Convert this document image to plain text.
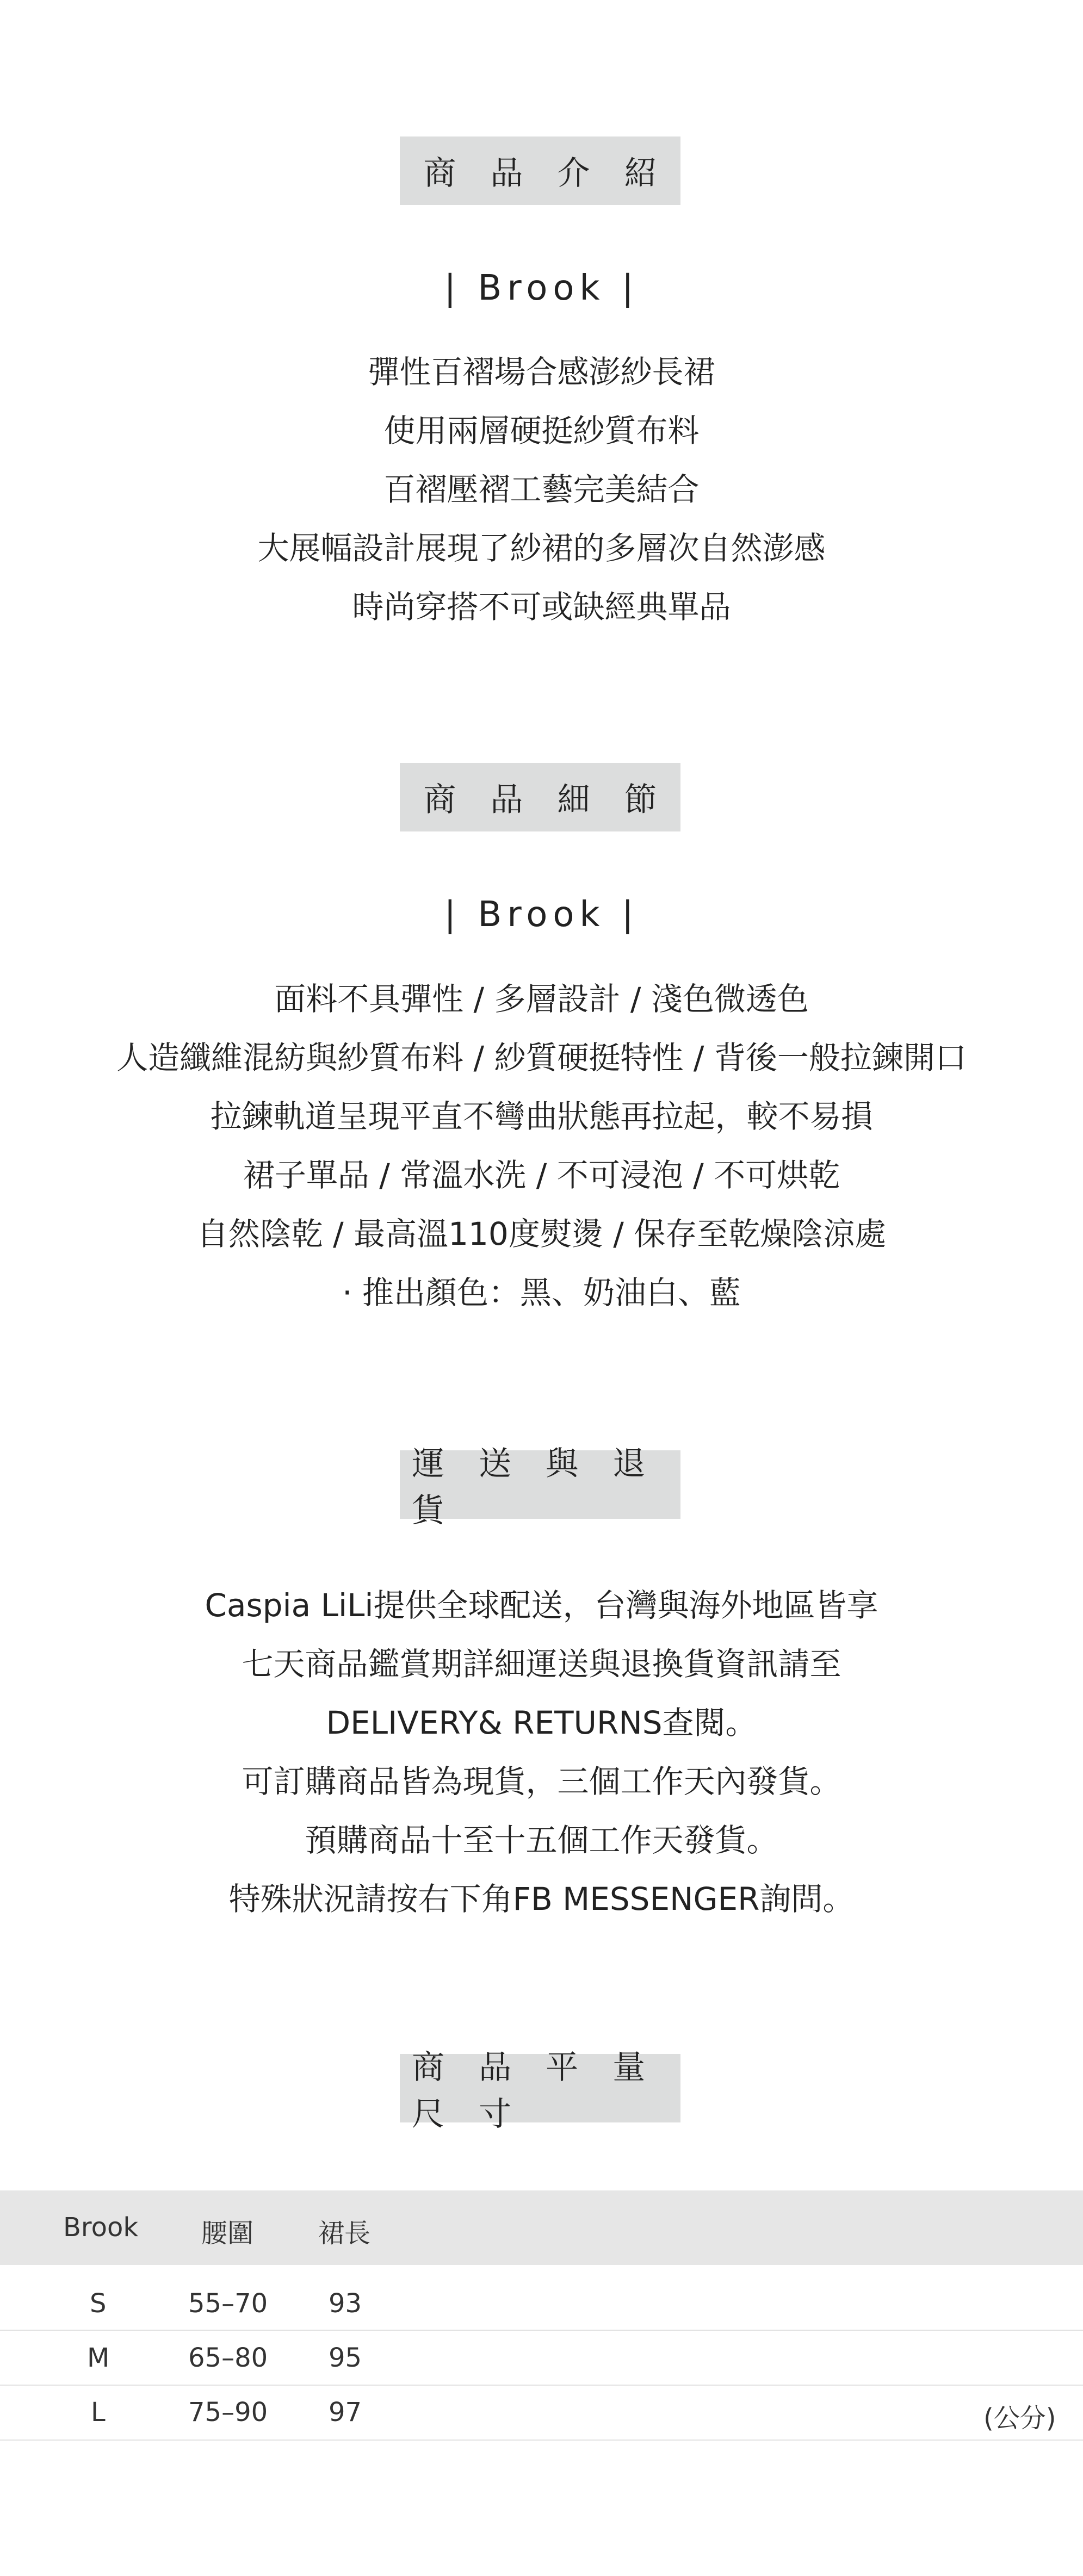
商 品 介 紹
| Brook |
彈性百褶場合感澎紗長裙
使用兩層硬挺紗質布料
百褶壓褶工藝完美結合
大展幅設計展現了紗裙的多層次自然澎感
時尚穿搭不可或缺經典單品
商 品 細 節
| Brook |
面料不具彈性 / 多層設計 / 淺色微透色
人造纖維混紡與紗質布料 / 紗質硬挺特性 / 背後一般拉鍊開口
拉鍊軌道呈現平直不彎曲狀態再拉起，較不易損
裙子單品 / 常溫水洗 / 不可浸泡 / 不可烘乾
自然陰乾 / 最高溫110度熨燙 / 保存至乾燥陰涼處
· 推出顏色：黑、奶油白、藍
運 送 與 退 貨
Caspia LiLi提供全球配送，台灣與海外地區皆享
七天商品鑑賞期詳細運送與退換貨資訊請至
DELIVERY& RETURNS查閱。
可訂購商品皆為現貨，三個工作天內發貨。
預購商品十至十五個工作天發貨。
特殊狀況請按右下角FB MESSENGER詢問。
商 品 平 量 尺 寸
Brook 腰圍 裙長
S	55–70 93
M	65–80 95
L	75–90 97	(公分)
